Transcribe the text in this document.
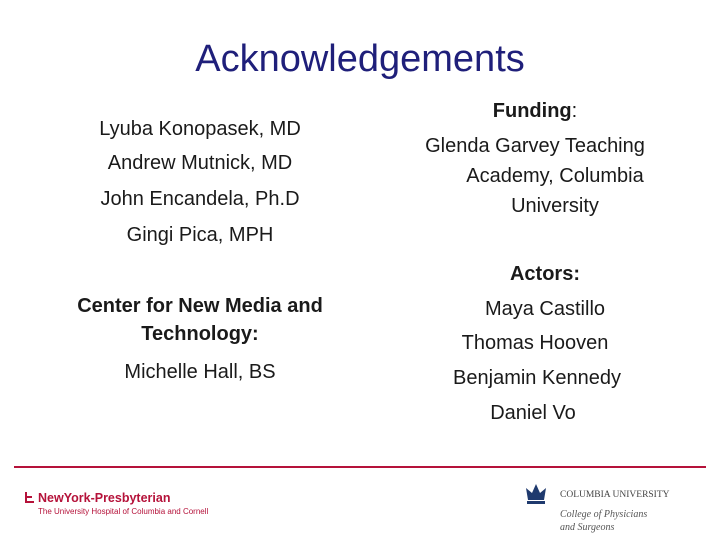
Acknowledgements
Lyuba Konopasek, MD
Andrew Mutnick, MD
John Encandela, Ph.D
Gingi Pica, MPH
Center for New Media and
Technology:
Michelle Hall, BS
Funding:
Glenda Garvey Teaching
Academy, Columbia
University
Actors:
Maya Castillo
Thomas Hooven
Benjamin Kennedy
Daniel Vo
NewYork-Presbyterian
The University Hospital of Columbia and Cornell
COLUMBIA UNIVERSITY
College of Physicians
and Surgeons
